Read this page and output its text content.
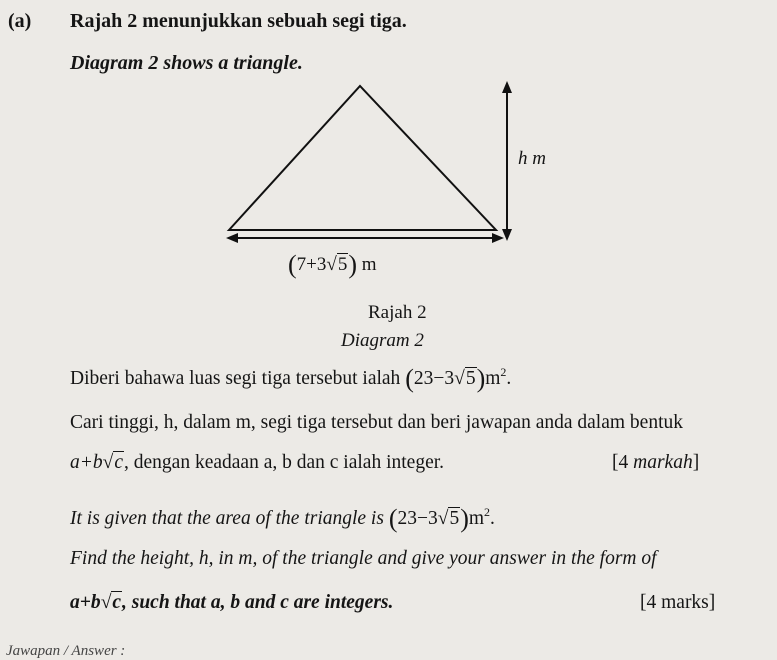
(a) Rajah 2 menunjukkan sebuah segi tiga.
Diagram 2 shows a triangle.
h m
(7+3√5) m
Rajah 2
Diagram 2
Diberi bahawa luas segi tiga tersebut ialah $(23-3√5)m^2$.
Cari tinggi, h, dalam m, segi tiga tersebut dan beri jawapan anda dalam bentuk
a+b√c, dengan keadaan a, b dan c ialah integer.	[4 markah]
It is given that the area of the triangle is $(23-3√5)m^2$.
Find the height, h, in m, of the triangle and give your answer in the form of
a+b√c, such that a, b and c are integers.	[4 marks]
Jawapan / Answer :
